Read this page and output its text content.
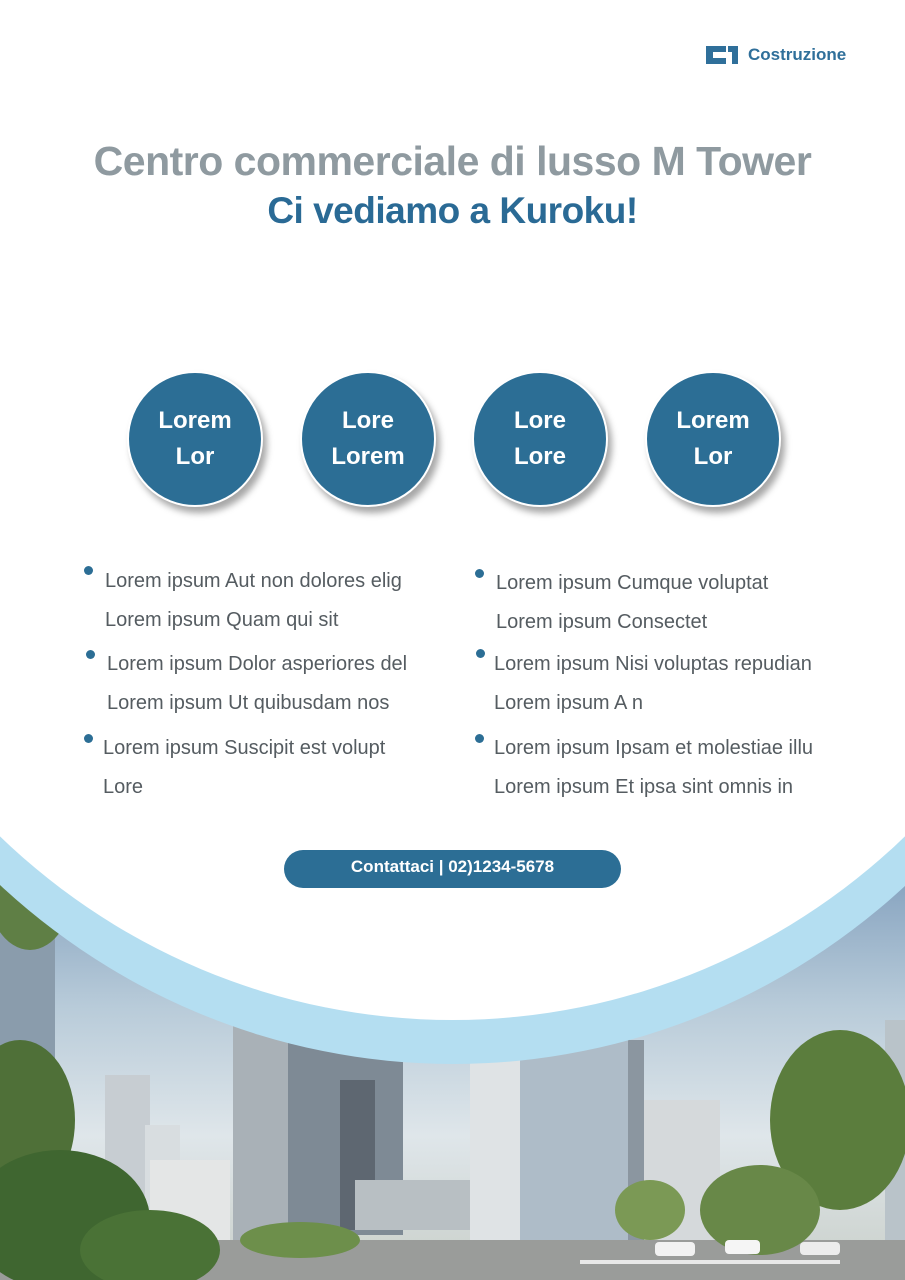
Costruzione
Centro commerciale di lusso M Tower
Ci vediamo a Kuroku!
Lorem
Lor
Lore
Lorem
Lore
Lore
Lorem
Lor
Lorem ipsum Aut non dolores elig
Lorem ipsum Quam qui sit
Lorem ipsum Dolor asperiores del
Lorem ipsum Ut quibusdam nos
Lorem ipsum Suscipit est volupt
Lore
Lorem ipsum Cumque voluptat
Lorem ipsum Consectet
Lorem ipsum Nisi voluptas repudian
Lorem ipsum A n
Lorem ipsum Ipsam et molestiae illu
Lorem ipsum Et ipsa sint omnis in
Contattaci | 02)1234-5678
